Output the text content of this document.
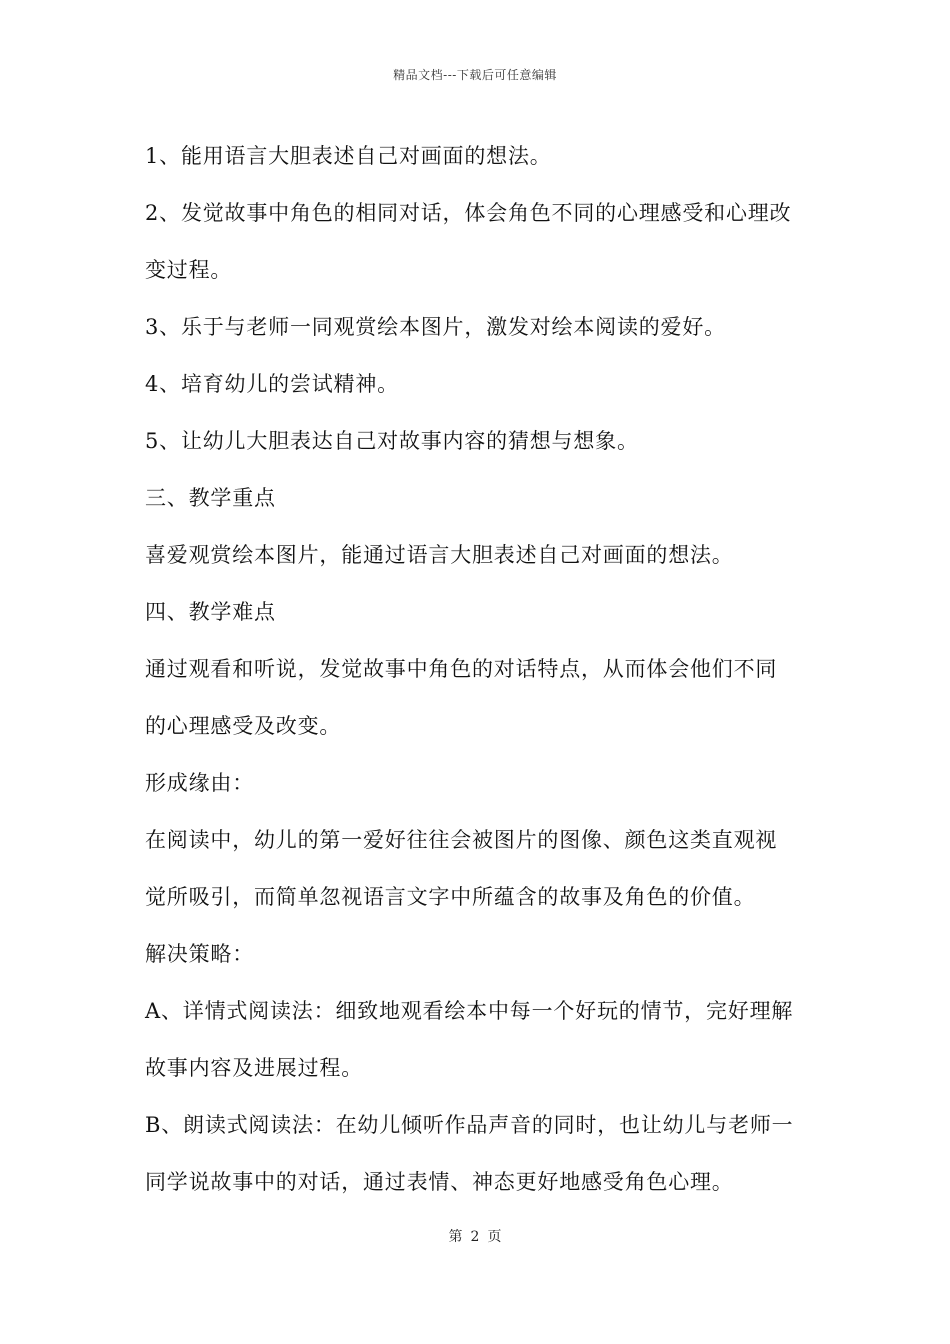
精品文档---下载后可任意编辑
1、能用语言大胆表述自己对画面的想法。
2、发觉故事中角色的相同对话，体会角色不同的心理感受和心理改
变过程。
3、乐于与老师一同观赏绘本图片，激发对绘本阅读的爱好。
4、培育幼儿的尝试精神。
5、让幼儿大胆表达自己对故事内容的猜想与想象。
三、教学重点
喜爱观赏绘本图片，能通过语言大胆表述自己对画面的想法。
四、教学难点
通过观看和听说，发觉故事中角色的对话特点，从而体会他们不同
的心理感受及改变。
形成缘由：
在阅读中，幼儿的第一爱好往往会被图片的图像、颜色这类直观视
觉所吸引，而简单忽视语言文字中所蕴含的故事及角色的价值。
解决策略：
A、详情式阅读法：细致地观看绘本中每一个好玩的情节，完好理解
故事内容及进展过程。
B、朗读式阅读法：在幼儿倾听作品声音的同时，也让幼儿与老师一
同学说故事中的对话，通过表情、神态更好地感受角色心理。
第 2 页
